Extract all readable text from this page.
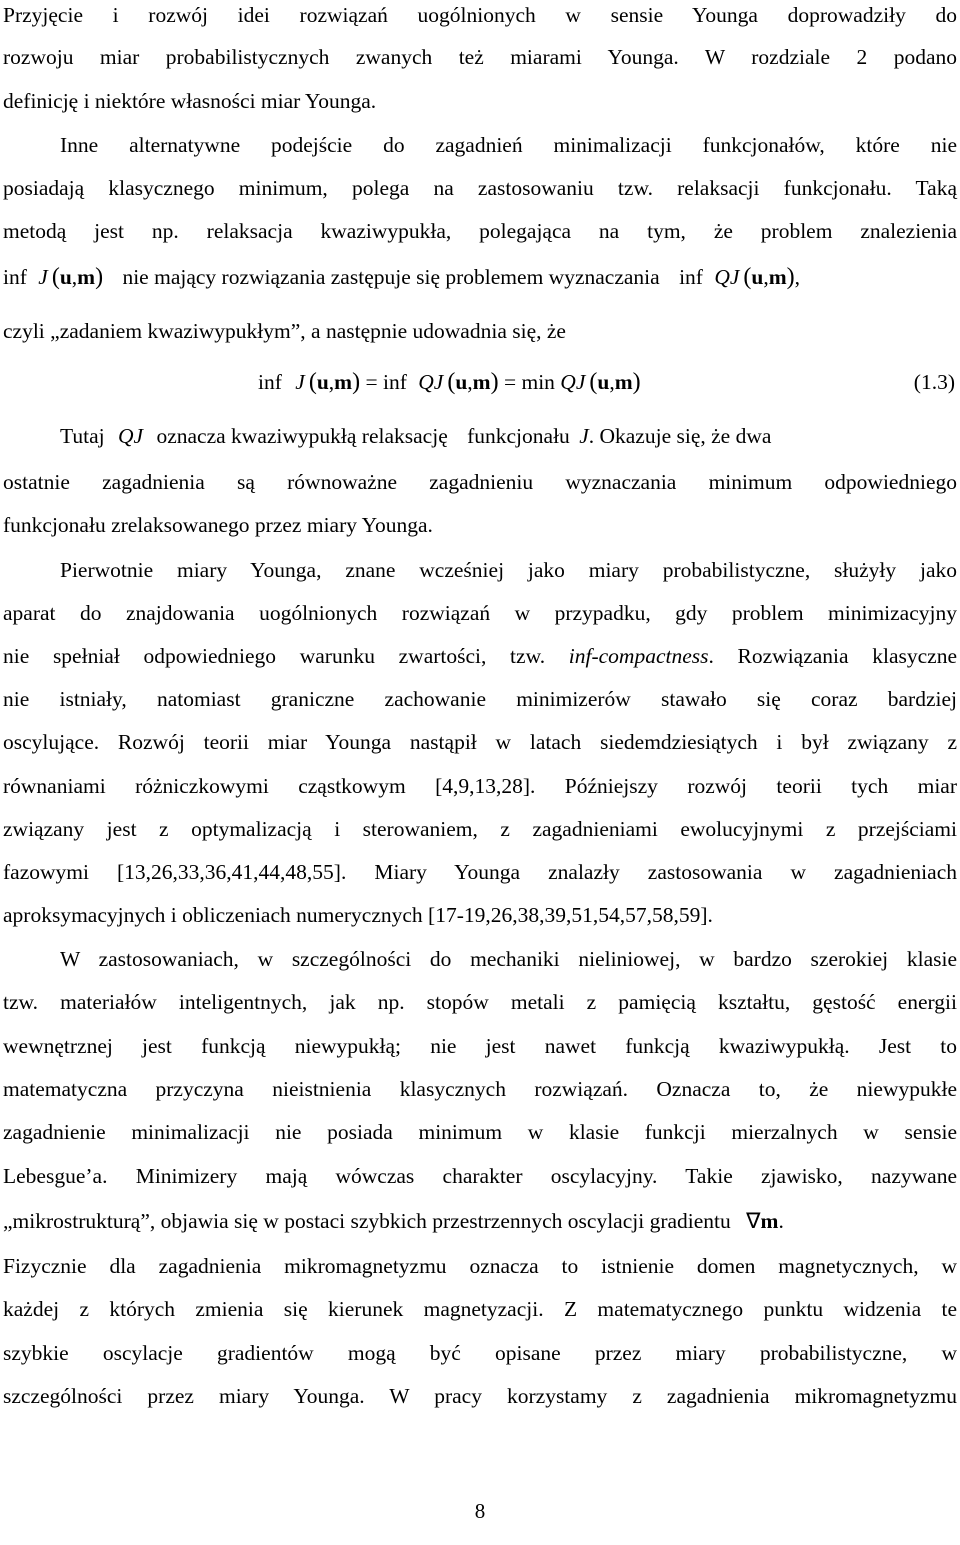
Przyjęcie i rozwój idei rozwiązań uogólnionych w sensie Younga doprowadziły do
rozwoju miar probabilistycznych zwanych też miarami Younga. W rozdziale 2 podano
definicję i niektóre własności miar Younga.
Inne alternatywne podejście do zagadnień minimalizacji funkcjonałów, które nie
posiadają klasycznego minimum, polega na zastosowaniu tzw. relaksacji funkcjonału. Taką
metodą jest np. relaksacja kwaziwypukła, polegająca na tym, że problem znalezienia
inf J (u,m) nie mający rozwiązania zastępuje się problemem wyznaczania inf QJ (u,m),
czyli „zadaniem kwaziwypukłym”, a następnie udowadnia się, że
inf J (u,m) = inf QJ (u,m) = min QJ (u,m)	(1.3)
Tutaj QJ oznacza kwaziwypukłą relaksację funkcjonału J. Okazuje się, że dwa
ostatnie zagadnienia są równoważne zagadnieniu wyznaczania minimum odpowiedniego
funkcjonału zrelaksowanego przez miary Younga.
Pierwotnie miary Younga, znane wcześniej jako miary probabilistyczne, służyły jako
aparat do znajdowania uogólnionych rozwiązań w przypadku, gdy problem minimizacyjny
nie spełniał odpowiedniego warunku zwartości, tzw. inf-compactness. Rozwiązania klasyczne
nie istniały, natomiast graniczne zachowanie minimizerów stawało się coraz bardziej
oscylujące. Rozwój teorii miar Younga nastąpił w latach siedemdziesiątych i był związany z
równaniami różniczkowymi cząstkowym [4,9,13,28]. Późniejszy rozwój teorii tych miar
związany jest z optymalizacją i sterowaniem, z zagadnieniami ewolucyjnymi z przejściami
fazowymi [13,26,33,36,41,44,48,55]. Miary Younga znalazły zastosowania w zagadnieniach
aproksymacyjnych i obliczeniach numerycznych [17-19,26,38,39,51,54,57,58,59].
W zastosowaniach, w szczególności do mechaniki nieliniowej, w bardzo szerokiej klasie
tzw. materiałów inteligentnych, jak np. stopów metali z pamięcią kształtu, gęstość energii
wewnętrznej jest funkcją niewypukłą; nie jest nawet funkcją kwaziwypukłą. Jest to
matematyczna przyczyna nieistnienia klasycznych rozwiązań. Oznacza to, że niewypukłe
zagadnienie minimalizacji nie posiada minimum w klasie funkcji mierzalnych w sensie
Lebesgue’a. Minimizery mają wówczas charakter oscylacyjny. Takie zjawisko, nazywane
„mikrostrukturą”, objawia się w postaci szybkich przestrzennych oscylacji gradientu ∇m.
Fizycznie dla zagadnienia mikromagnetyzmu oznacza to istnienie domen magnetycznych, w
każdej z których zmienia się kierunek magnetyzacji. Z matematycznego punktu widzenia te
szybkie oscylacje gradientów mogą być opisane przez miary probabilistyczne, w
szczególności przez miary Younga. W pracy korzystamy z zagadnienia mikromagnetyzmu
8
